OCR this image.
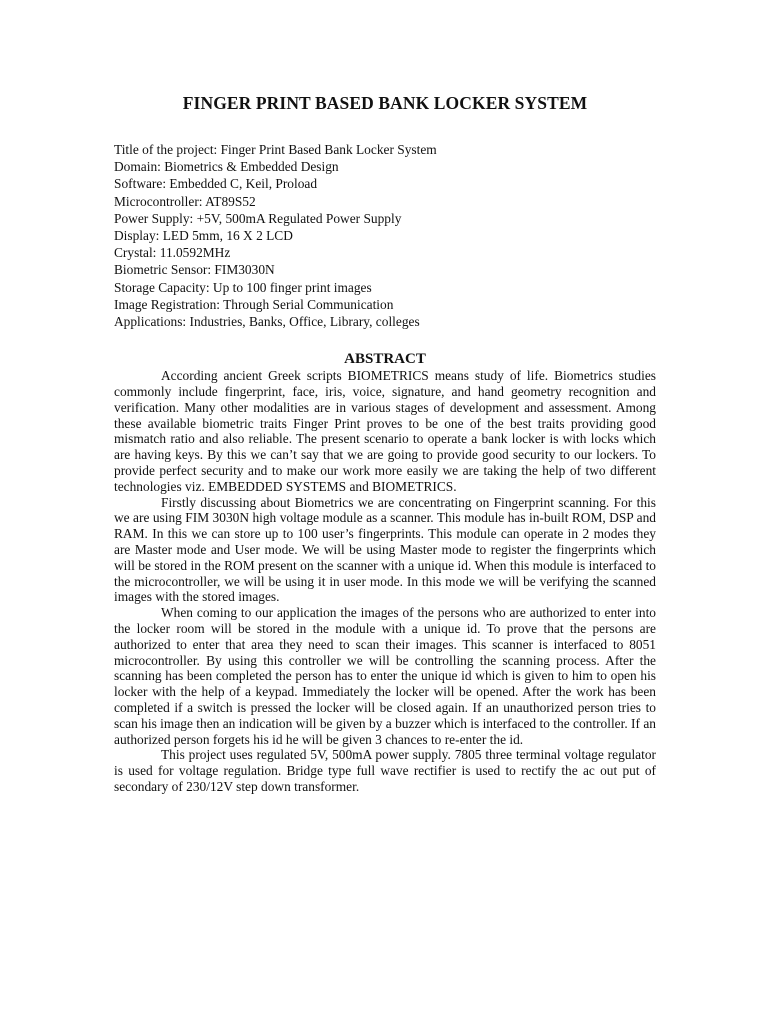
FINGER PRINT BASED BANK LOCKER SYSTEM
Title of the project: Finger Print Based Bank Locker System
Domain: Biometrics & Embedded Design
Software: Embedded C, Keil, Proload
Microcontroller: AT89S52
Power Supply: +5V, 500mA Regulated Power Supply
Display: LED 5mm, 16 X 2 LCD
Crystal: 11.0592MHz
Biometric Sensor: FIM3030N
Storage Capacity: Up to 100 finger print images
Image Registration: Through Serial Communication
Applications: Industries, Banks, Office, Library, colleges
ABSTRACT

According ancient Greek scripts BIOMETRICS means study of life. Biometrics studies commonly include fingerprint, face, iris, voice, signature, and hand geometry recognition and verification. Many other modalities are in various stages of development and assessment. Among these available biometric traits Finger Print proves to be one of the best traits providing good mismatch ratio and also reliable. The present scenario to operate a bank locker is with locks which are having keys. By this we can’t say that we are going to provide good security to our lockers. To provide perfect security and to make our work more easily we are taking the help of two different technologies viz. EMBEDDED SYSTEMS and BIOMETRICS.

Firstly discussing about Biometrics we are concentrating on Fingerprint scanning. For this we are using FIM 3030N high voltage module as a scanner. This module has in-built ROM, DSP and RAM. In this we can store up to 100 user’s fingerprints. This module can operate in 2 modes they are Master mode and User mode. We will be using Master mode to register the fingerprints which will be stored in the ROM present on the scanner with a unique id. When this module is interfaced to the microcontroller, we will be using it in user mode. In this mode we will be verifying the scanned images with the stored images.

When coming to our application the images of the persons who are authorized to enter into the locker room will be stored in the module with a unique id. To prove that the persons are authorized to enter that area they need to scan their images. This scanner is interfaced to 8051 microcontroller. By using this controller we will be controlling the scanning process. After the scanning has been completed the person has to enter the unique id which is given to him to open his locker with the help of a keypad. Immediately the locker will be opened. After the work has been completed if a switch is pressed the locker will be closed again. If an unauthorized person tries to scan his image then an indication will be given by a buzzer which is interfaced to the controller. If an authorized person forgets his id he will be given 3 chances to re-enter the id.

This project uses regulated 5V, 500mA power supply. 7805 three terminal voltage regulator is used for voltage regulation. Bridge type full wave rectifier is used to rectify the ac out put of secondary of 230/12V step down transformer.
